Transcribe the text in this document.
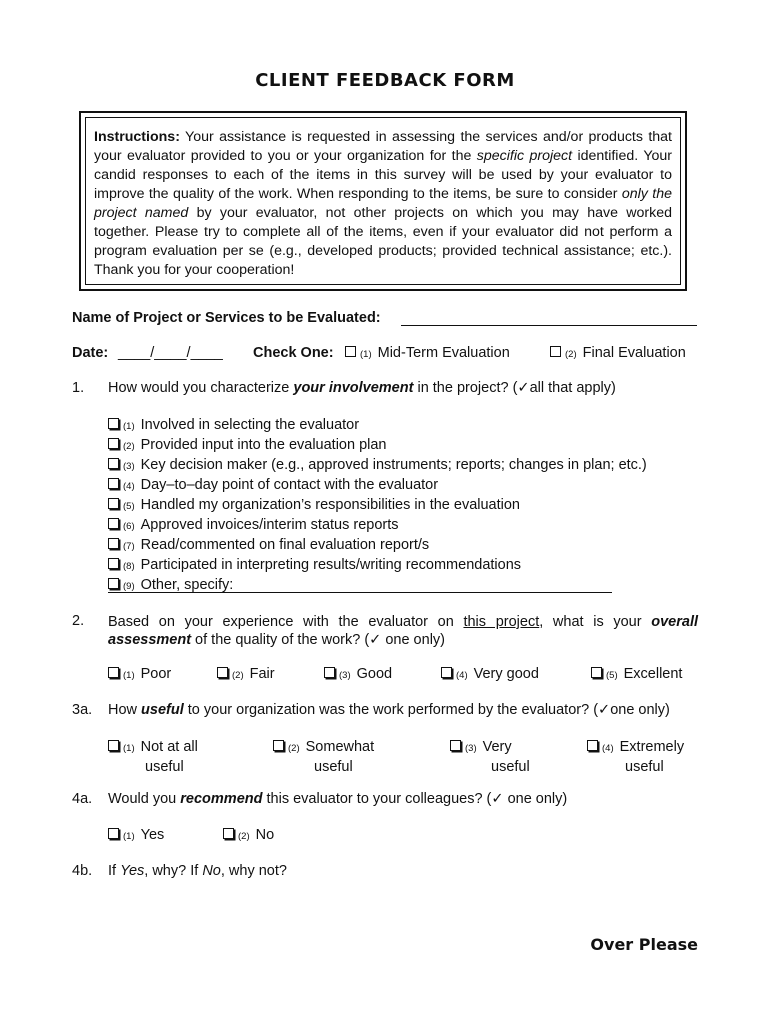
CLIENT FEEDBACK FORM
Instructions: Your assistance is requested in assessing the services and/or products that your evaluator provided to you or your organization for the specific project identified. Your candid responses to each of the items in this survey will be used by your evaluator to improve the quality of the work. When responding to the items, be sure to consider only the project named by your evaluator, not other projects on which you may have worked together. Please try to complete all of the items, even if your evaluator did not perform a program evaluation per se (e.g., developed products; provided technical assistance; etc.). Thank you for your cooperation!
Name of Project or Services to be Evaluated:
Date: ____/____/____ Check One:	(1) Mid-Term Evaluation	(2) Final Evaluation
1. How would you characterize your involvement in the project? (✓all that apply)
(1) Involved in selecting the evaluator
(2) Provided input into the evaluation plan
(3) Key decision maker (e.g., approved instruments; reports; changes in plan; etc.)
(4) Day–to–day point of contact with the evaluator
(5) Handled my organization’s responsibilities in the evaluation
(6) Approved invoices/interim status reports
(7) Read/commented on final evaluation report/s
(8) Participated in interpreting results/writing recommendations
(9) Other, specify:
2. Based on your experience with the evaluator on this project, what is your overall
assessment of the quality of the work? (✓ one only)
(1) Poor	(2) Fair	(3) Good	(4) Very good	(5) Excellent
3a. How useful to your organization was the work performed by the evaluator? (✓one only)
(1) Not at all
useful
(2) Somewhat
useful
(3) Very
useful
(4) Extremely
useful
4a. Would you recommend this evaluator to your colleagues? (✓ one only)
(1) Yes	(2) No
4b. If Yes, why? If No, why not?
Over Please
